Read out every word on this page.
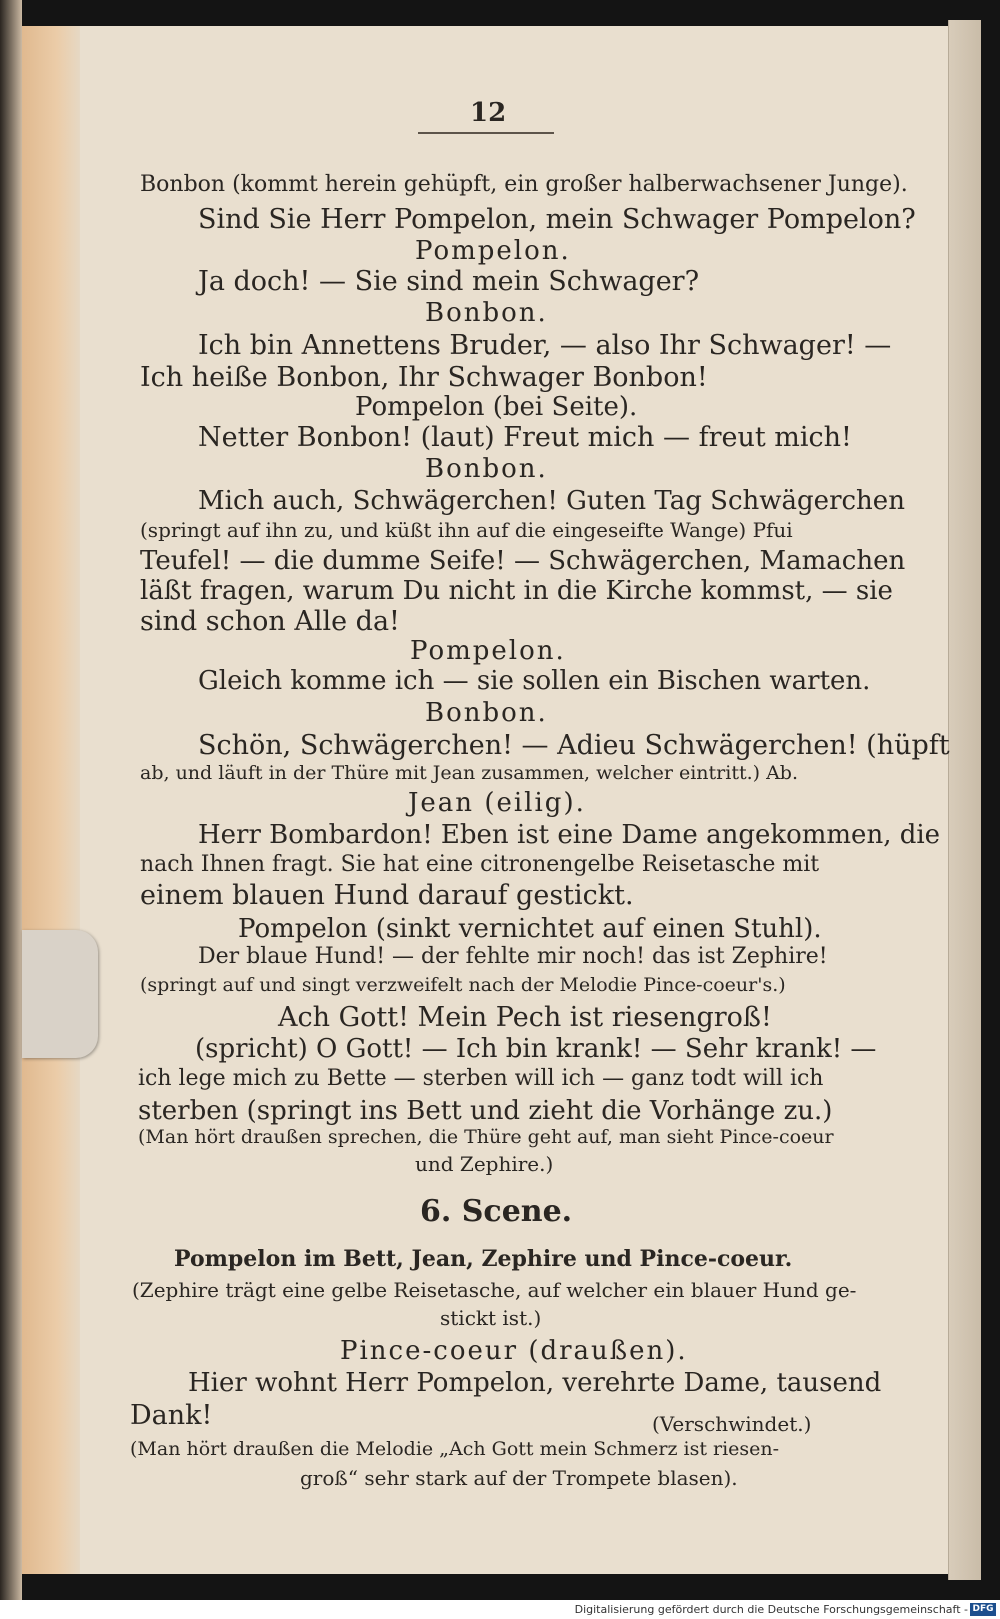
12
Bonbon (kommt herein gehüpft, ein großer halberwachsener Junge).
Sind Sie Herr Pompelon, mein Schwager Pompelon?
Pompelon.
Ja doch! — Sie sind mein Schwager?
Bonbon.
Ich bin Annettens Bruder, — also Ihr Schwager! —
Ich heiße Bonbon, Ihr Schwager Bonbon!
Pompelon (bei Seite).
Netter Bonbon! (laut) Freut mich — freut mich!
Bonbon.
Mich auch, Schwägerchen! Guten Tag Schwägerchen
(springt auf ihn zu, und küßt ihn auf die eingeseifte Wange) Pfui
Teufel! — die dumme Seife! — Schwägerchen, Mamachen
läßt fragen, warum Du nicht in die Kirche kommst, — sie
sind schon Alle da!
Pompelon.
Gleich komme ich — sie sollen ein Bischen warten.
Bonbon.
Schön, Schwägerchen! — Adieu Schwägerchen! (hüpft
ab, und läuft in der Thüre mit Jean zusammen, welcher eintritt.) Ab.
Jean (eilig).
Herr Bombardon! Eben ist eine Dame angekommen, die
nach Ihnen fragt. Sie hat eine citronengelbe Reisetasche mit
einem blauen Hund darauf gestickt.
Pompelon (sinkt vernichtet auf einen Stuhl).
Der blaue Hund! — der fehlte mir noch! das ist Zephire!
(springt auf und singt verzweifelt nach der Melodie Pince-coeur's.)
Ach Gott! Mein Pech ist riesengroß!
(spricht) O Gott! — Ich bin krank! — Sehr krank! —
ich lege mich zu Bette — sterben will ich — ganz todt will ich
sterben (springt ins Bett und zieht die Vorhänge zu.)
(Man hört draußen sprechen, die Thüre geht auf, man sieht Pince-coeur
und Zephire.)
6. Scene.
Pompelon im Bett, Jean, Zephire und Pince-coeur.
(Zephire trägt eine gelbe Reisetasche, auf welcher ein blauer Hund ge-
stickt ist.)
Pince-coeur (draußen).
Hier wohnt Herr Pompelon, verehrte Dame, tausend
Dank!	(Verschwindet.)
(Man hört draußen die Melodie „Ach Gott mein Schmerz ist riesen-
groß“ sehr stark auf der Trompete blasen).
Digitalisierung gefördert durch die Deutsche Forschungsgemeinschaft - DFG
